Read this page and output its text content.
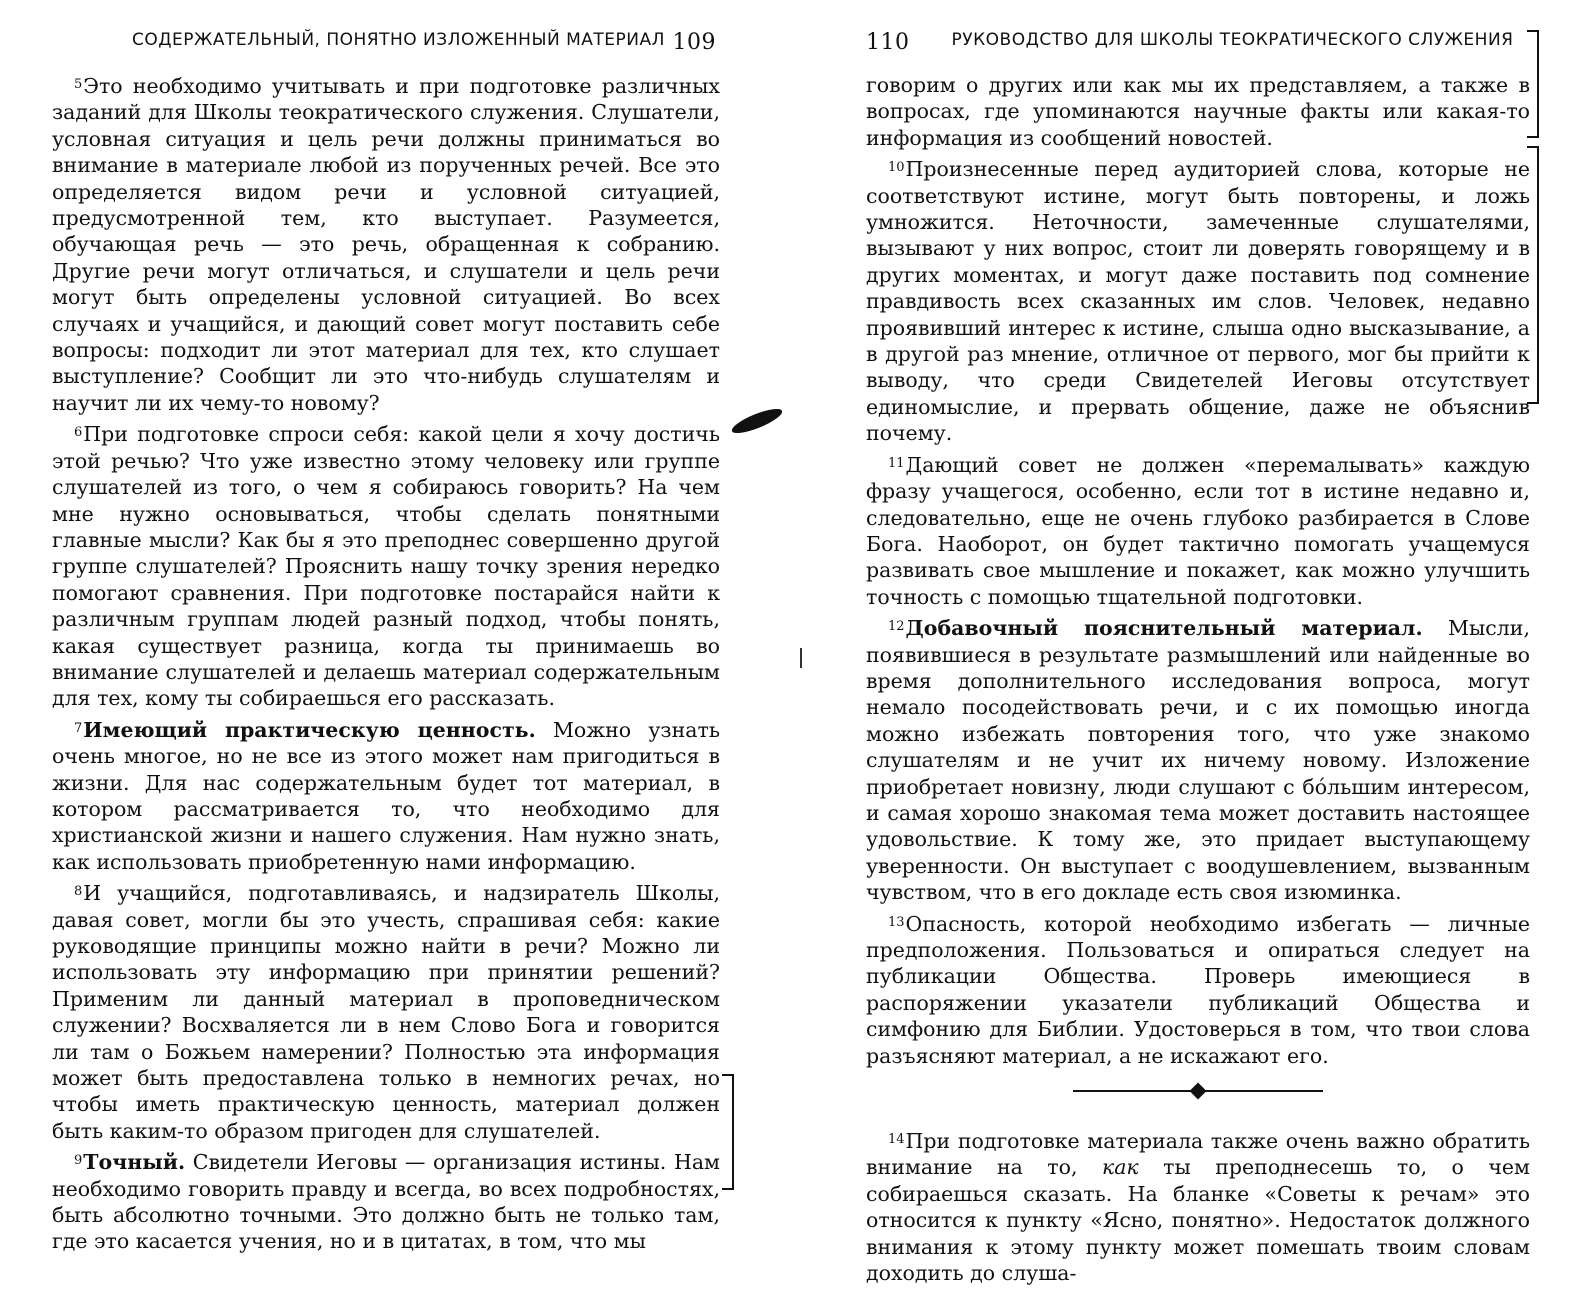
СОДЕРЖАТЕЛЬНЫЙ, ПОНЯТНО ИЗЛОЖЕННЫЙ МАТЕРИАЛ 109

$^5$Это необходимо учитывать и при подготовке различных заданий для Школы теократического служения. Слушатели, условная ситуация и цель речи должны приниматься во внимание в материале любой из порученных речей. Все это определяется видом речи и условной ситуацией, предусмотренной тем, кто выступает. Разумеется, обучающая речь — это речь, обращенная к собранию. Другие речи могут отличаться, и слушатели и цель речи могут быть определены условной ситуацией. Во всех случаях и учащийся, и дающий совет могут поставить себе вопросы: подходит ли этот материал для тех, кто слушает выступление? Сообщит ли это что-нибудь слушателям и научит ли их чему-то новому?

$^6$При подготовке спроси себя: какой цели я хочу достичь этой речью? Что уже известно этому человеку или группе слушателей из того, о чем я собираюсь говорить? На чем мне нужно основываться, чтобы сделать понятными главные мысли? Как бы я это преподнес совершенно другой группе слушателей? Прояснить нашу точку зрения нередко помогают сравнения. При подготовке постарайся найти к различным группам людей разный подход, чтобы понять, какая существует разница, когда ты принимаешь во внимание слушателей и делаешь материал содержательным для тех, кому ты собираешься его рассказать.

$^7$Имеющий практическую ценность. Можно узнать очень многое, но не все из этого может нам пригодиться в жизни. Для нас содержательным будет тот материал, в котором рассматривается то, что необходимо для христианской жизни и нашего служения. Нам нужно знать, как использовать приобретенную нами информацию.

$^8$И учащийся, подготавливаясь, и надзиратель Школы, давая совет, могли бы это учесть, спрашивая себя: какие руководящие принципы можно найти в речи? Можно ли использовать эту информацию при принятии решений? Применим ли данный материал в проповедническом служении? Восхваляется ли в нем Слово Бога и говорится ли там о Божьем намерении? Полностью эта информация может быть предоставлена только в немногих речах, но чтобы иметь практическую ценность, материал должен быть каким-то образом пригоден для слушателей.

$^9$Точный. Свидетели Иеговы — организация истины. Нам необходимо говорить правду и всегда, во всех подробностях, быть абсолютно точными. Это должно быть не только там, где это касается учения, но и в цитатах, в том, что мы

110 РУКОВОДСТВО ДЛЯ ШКОЛЫ ТЕОКРАТИЧЕСКОГО СЛУЖЕНИЯ

говорим о других или как мы их представляем, а также в вопросах, где упоминаются научные факты или какая-то информация из сообщений новостей.

$^{10}$Произнесенные перед аудиторией слова, которые не соответствуют истине, могут быть повторены, и ложь умножится. Неточности, замеченные слушателями, вызывают у них вопрос, стоит ли доверять говорящему и в других моментах, и могут даже поставить под сомнение правдивость всех сказанных им слов. Человек, недавно проявивший интерес к истине, слыша одно высказывание, а в другой раз мнение, отличное от первого, мог бы прийти к выводу, что среди Свидетелей Иеговы отсутствует единомыслие, и прервать общение, даже не объяснив почему.

$^{11}$Дающий совет не должен «перемалывать» каждую фразу учащегося, особенно, если тот в истине недавно и, следовательно, еще не очень глубоко разбирается в Слове Бога. Наоборот, он будет тактично помогать учащемуся развивать свое мышление и покажет, как можно улучшить точность с помощью тщательной подготовки.

$^{12}$Добавочный пояснительный материал. Мысли, появившиеся в результате размышлений или найденные во время дополнительного исследования вопроса, могут немало посодействовать речи, и с их помощью иногда можно избежать повторения того, что уже знакомо слушателям и не учит их ничему новому. Изложение приобретает новизну, люди слушают с бóльшим интересом, и самая хорошо знакомая тема может доставить настоящее удовольствие. К тому же, это придает выступающему уверенности. Он выступает с воодушевлением, вызванным чувством, что в его докладе есть своя изюминка.

$^{13}$Опасность, которой необходимо избегать — личные предположения. Пользоваться и опираться следует на публикации Общества. Проверь имеющиеся в распоряжении указатели публикаций Общества и симфонию для Библии. Удостоверься в том, что твои слова разъясняют материал, а не искажают его.

$^{14}$При подготовке материала также очень важно обратить внимание на то, как ты преподнесешь то, о чем собираешься сказать. На бланке «Советы к речам» это относится к пункту «Ясно, понятно». Недостаток должного внимания к этому пункту может помешать твоим словам доходить до слуша-
